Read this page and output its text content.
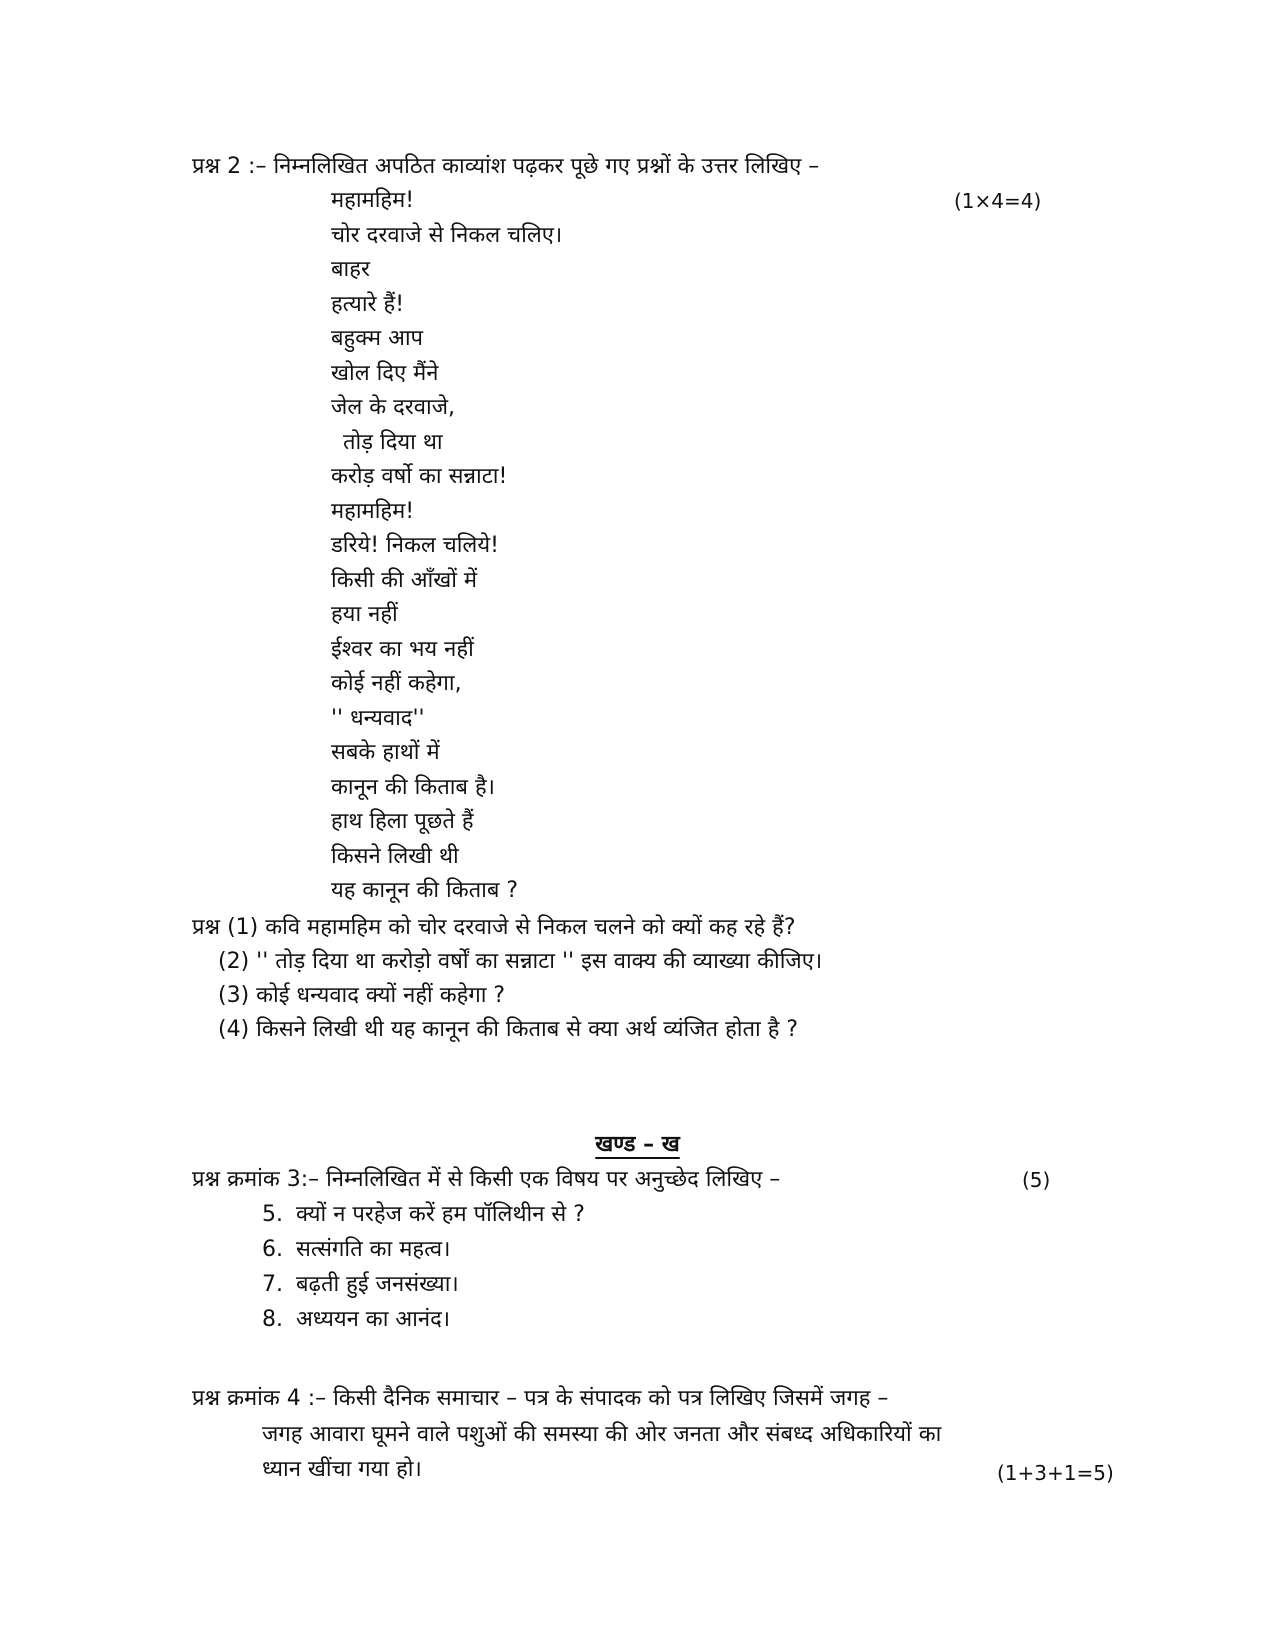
प्रश्न 2 :– निम्नलिखित अपठित काव्यांश पढ़कर पूछे गए प्रश्नों के उत्तर लिखिए –
(1×4=4)
महामहिम!
चोर दरवाजे से निकल चलिए।
बाहर
हत्यारे हैं!
बहुक्म आप
खोल दिए मैंने
जेल के दरवाजे,
तोड़ दिया था
करोड़ वर्षो का सन्नाटा!
महामहिम!
डरिये! निकल चलिये!
किसी की आँखों में
हया नहीं
ईश्वर का भय नहीं
कोई नहीं कहेगा,
'' धन्यवाद''
सबके हाथों में
कानून की किताब है।
हाथ हिला पूछते हैं
किसने लिखी थी
यह कानून की किताब ?
प्रश्न (1) कवि महामहिम को चोर दरवाजे से निकल चलने को क्यों कह रहे हैं?
(2) '' तोड़ दिया था करोड़ो वर्षों का सन्नाटा '' इस वाक्य की व्याख्या कीजिए।
(3) कोई धन्यवाद क्यों नहीं कहेगा ?
(4) किसने लिखी थी यह कानून की किताब से क्या अर्थ व्यंजित होता है ?
खण्ड – ख
प्रश्न क्रमांक 3:– निम्नलिखित में से किसी एक विषय पर अनुच्छेद लिखिए –	(5)
5. क्यों न परहेज करें हम पॉलिथीन से ?
6. सत्संगति का महत्व।
7. बढ़ती हुई जनसंख्या।
8. अध्ययन का आनंद।
प्रश्न क्रमांक 4 :– किसी दैनिक समाचार – पत्र के संपादक को पत्र लिखिए जिसमें जगह –
जगह आवारा घूमने वाले पशुओं की समस्या की ओर जनता और संबध्द अधिकारियों का
ध्यान खींचा गया हो।	(1+3+1=5)
